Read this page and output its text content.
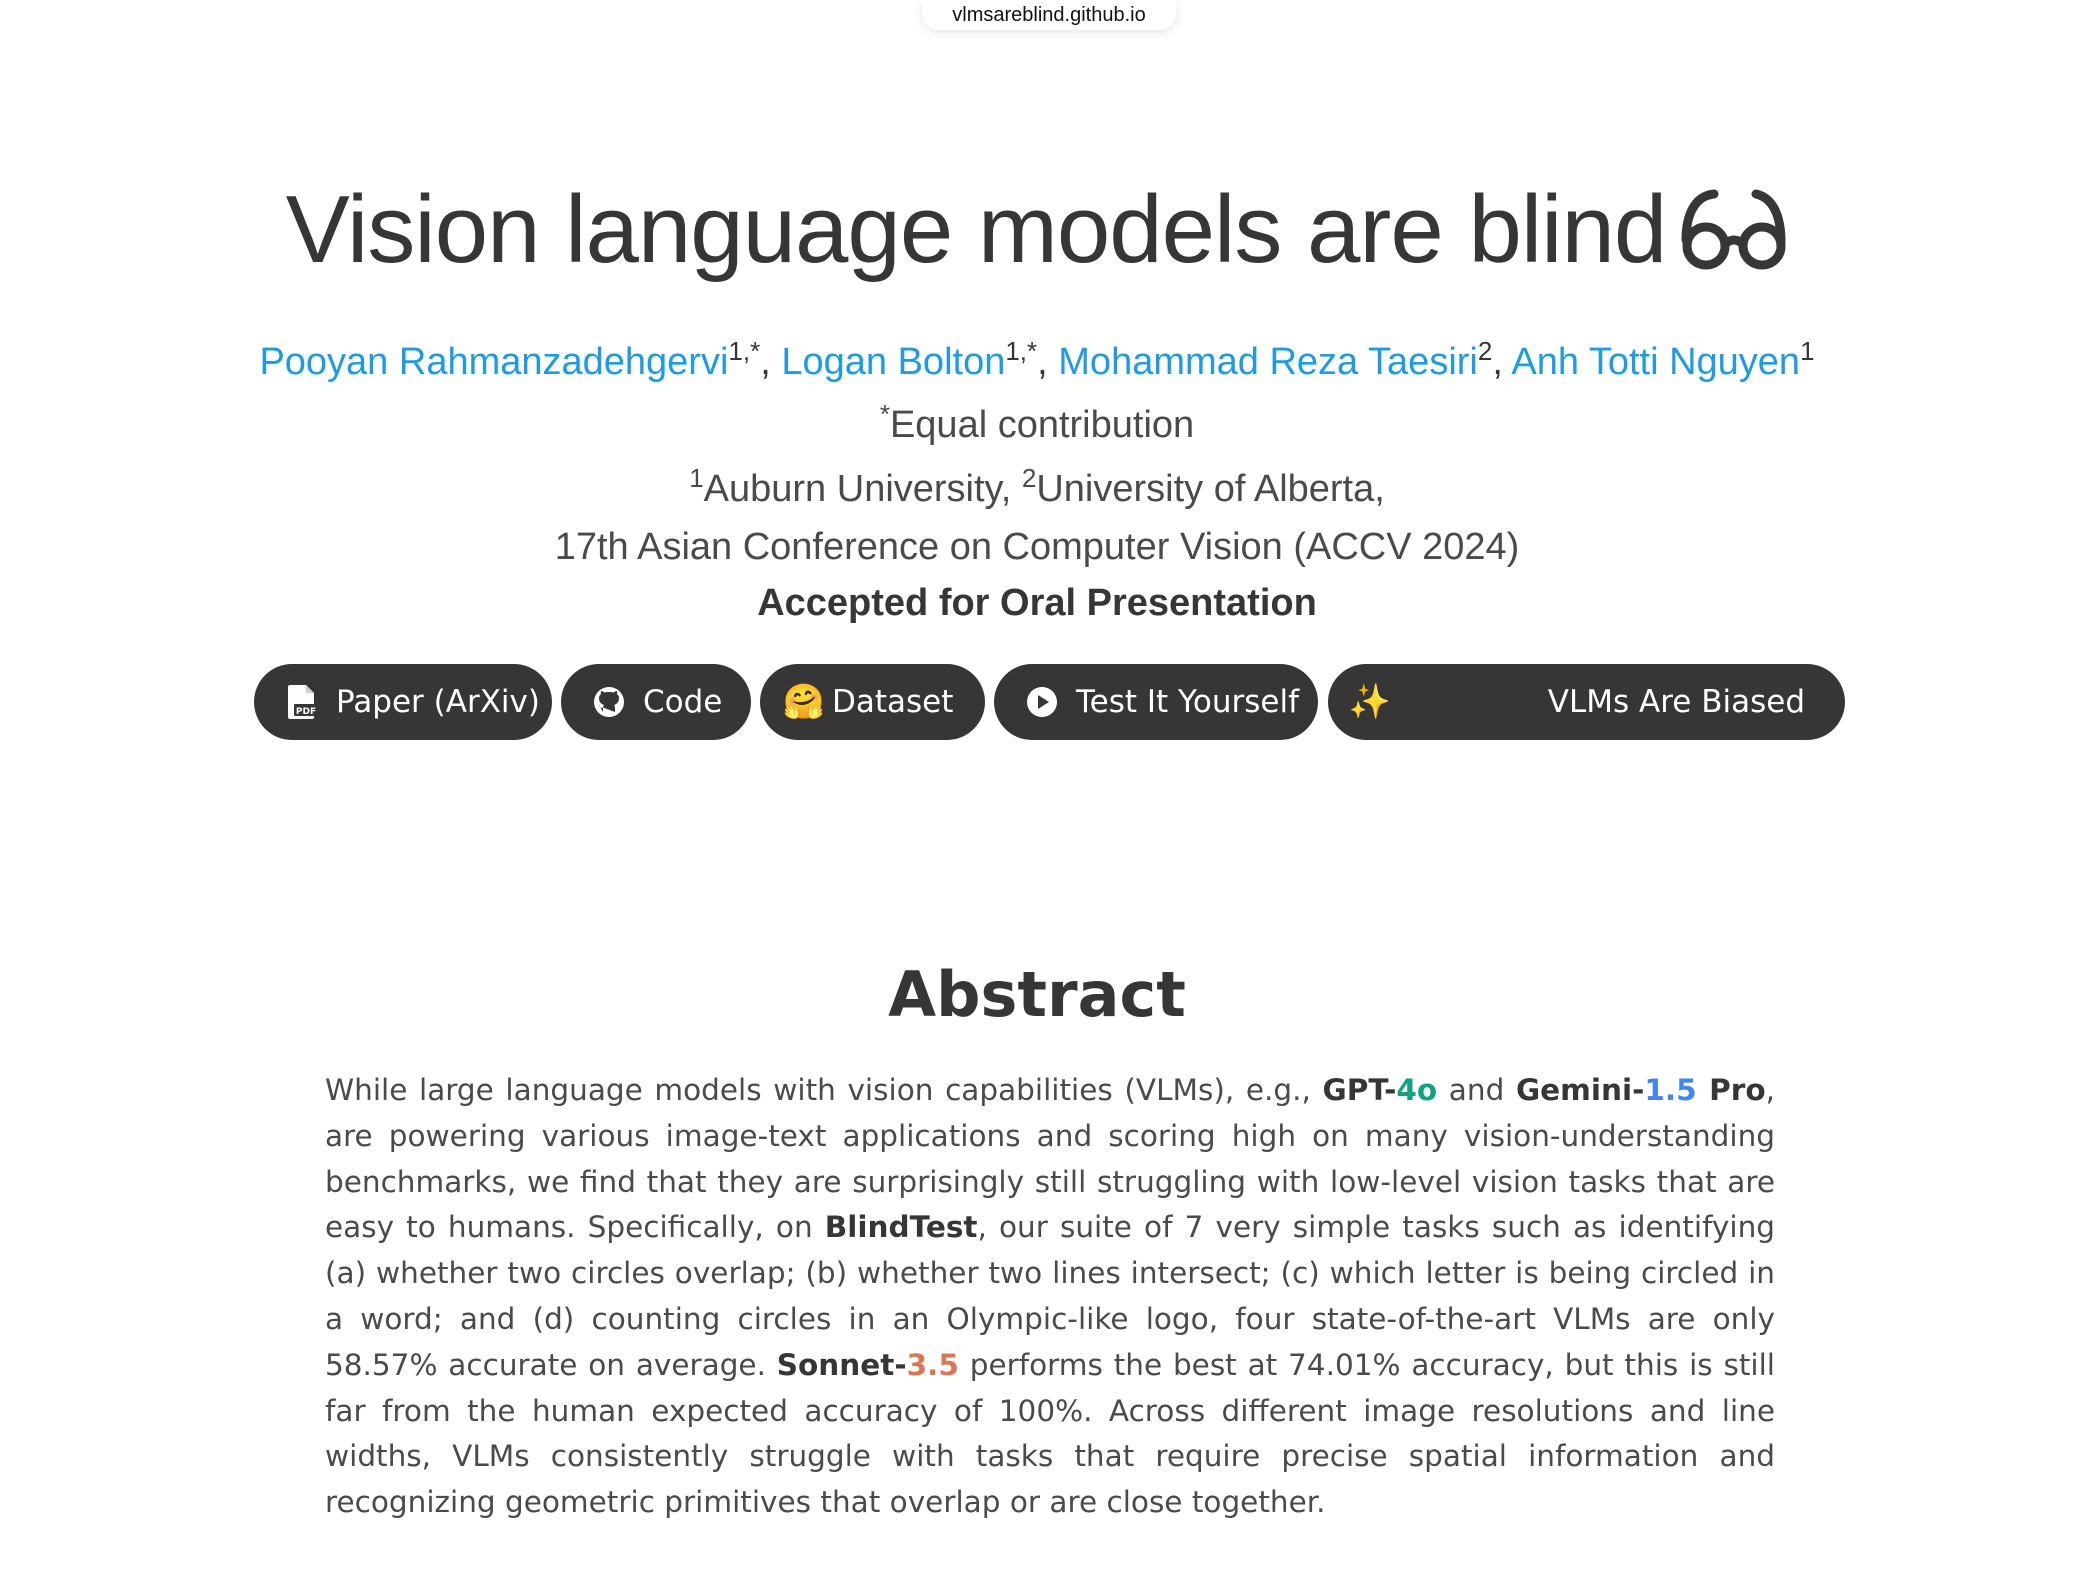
vlmsareblind.github.io
Vision language models are blind
Pooyan Rahmanzadehgervi$^{1,*}$, Logan Bolton$^{1,*}$, Mohammad Reza Taesiri$^2$, Anh Totti Nguyen$^1$
*Equal contribution
$^1$Auburn University, $^2$University of Alberta,
17th Asian Conference on Computer Vision (ACCV 2024)
Accepted for Oral Presentation
PDF Paper (ArXiv)	Code 🤗 Dataset	Test It Yourself ✨	VLMs Are Biased
Abstract

While large language models with vision capabilities (VLMs), e.g., GPT-4o and Gemini-1.5 Pro, are powering various image-text applications and scoring high on many vision-understanding benchmarks, we find that they are surprisingly still struggling with low-level vision tasks that are easy to humans. Specifically, on BlindTest, our suite of 7 very simple tasks such as identifying (a) whether two circles overlap; (b) whether two lines intersect; (c) which letter is being circled in a word; and (d) counting circles in an Olympic-like logo, four state-of-the-art VLMs are only 58.57% accurate on average. Sonnet-3.5 performs the best at 74.01% accuracy, but this is still far from the human expected accuracy of 100%. Across different image resolutions and line widths, VLMs consistently struggle with tasks that require precise spatial information and recognizing geometric primitives that overlap or are close together.
